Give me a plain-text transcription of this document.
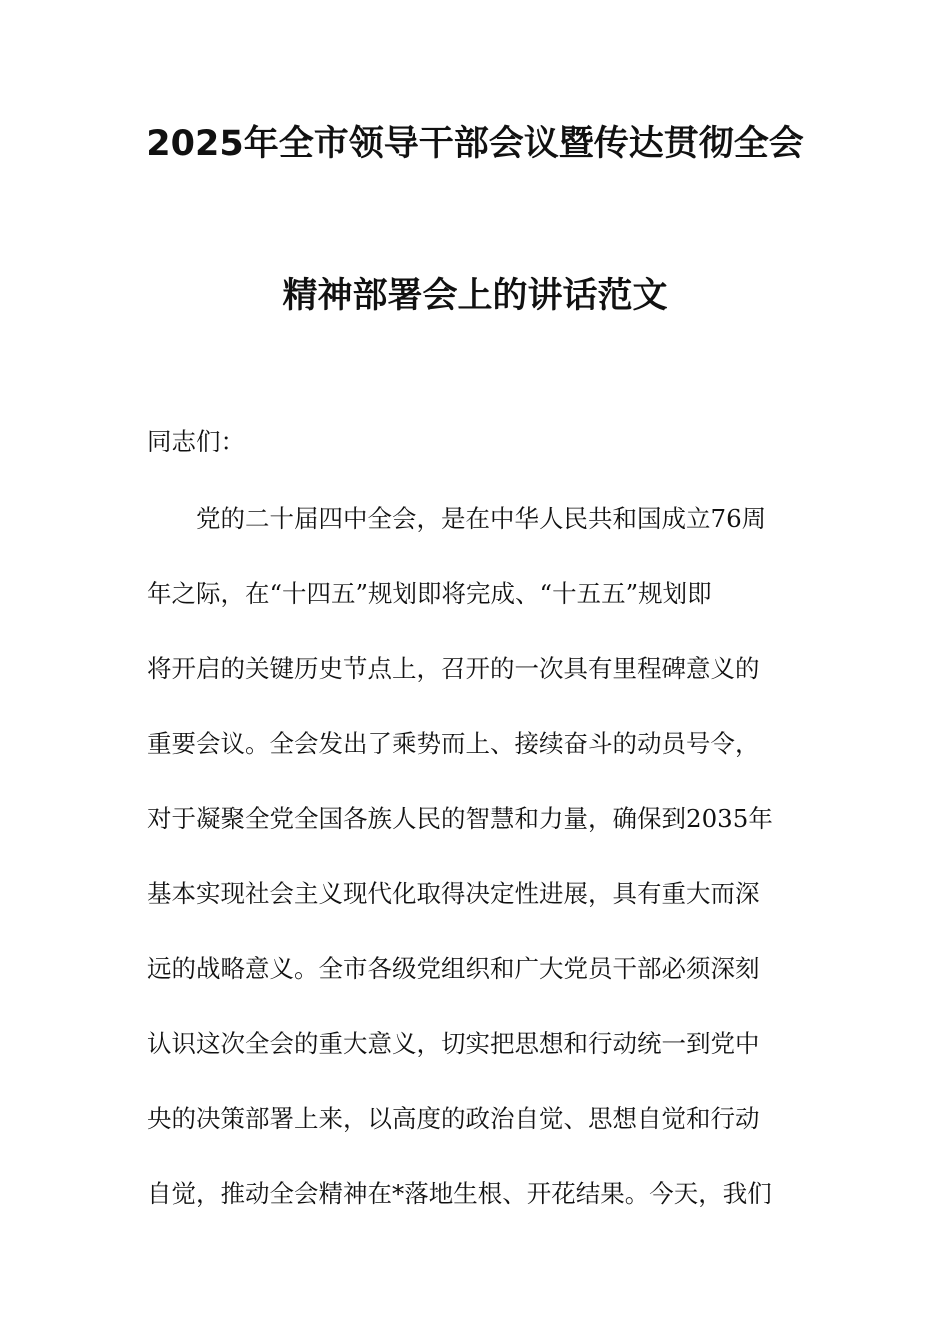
2025年全市领导干部会议暨传达贯彻全会
精神部署会上的讲话范文
同志们：
党的二十届四中全会，是在中华人民共和国成立76周
年之际，在“十四五”规划即将完成、“十五五”规划即
将开启的关键历史节点上，召开的一次具有里程碑意义的
重要会议。全会发出了乘势而上、接续奋斗的动员号令，
对于凝聚全党全国各族人民的智慧和力量，确保到2035年
基本实现社会主义现代化取得决定性进展，具有重大而深
远的战略意义。全市各级党组织和广大党员干部必须深刻
认识这次全会的重大意义，切实把思想和行动统一到党中
央的决策部署上来，以高度的政治自觉、思想自觉和行动
自觉，推动全会精神在*落地生根、开花结果。今天，我们
